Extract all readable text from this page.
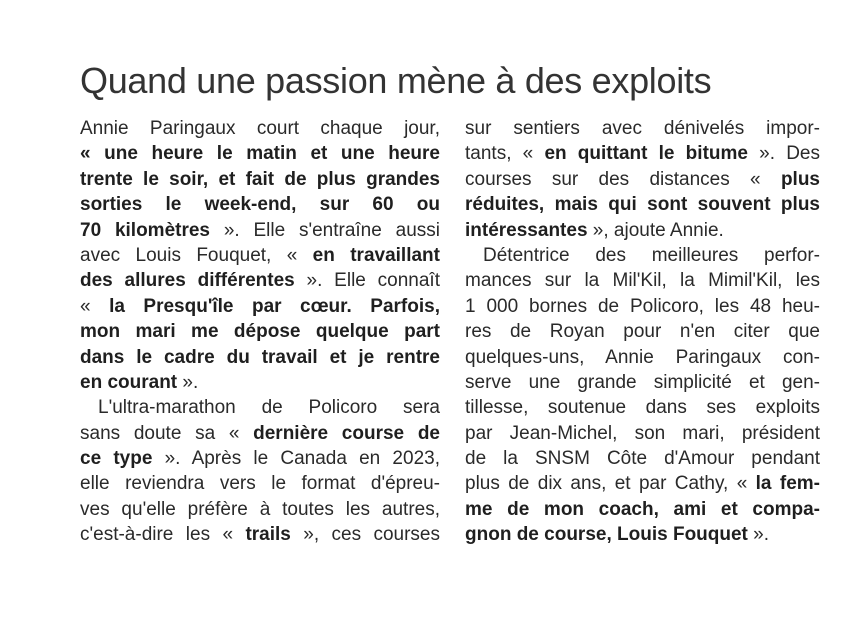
Quand une passion mène à des exploits
Annie Paringaux court chaque jour,
« une heure le matin et une heure
trente le soir, et fait de plus grandes
sorties le week-end, sur 60 ou
70 kilomètres ». Elle s'entraîne aussi
avec Louis Fouquet, « en travaillant
des allures différentes ». Elle connaît
« la Presqu'île par cœur. Parfois,
mon mari me dépose quelque part
dans le cadre du travail et je rentre
en courant ».
L'ultra-marathon de Policoro sera
sans doute sa « dernière course de
ce type ». Après le Canada en 2023,
elle reviendra vers le format d'épreu-
ves qu'elle préfère à toutes les autres,
c'est-à-dire les « trails », ces courses
sur sentiers avec dénivelés impor-
tants, « en quittant le bitume ». Des
courses sur des distances « plus
réduites, mais qui sont souvent plus
intéressantes », ajoute Annie.
Détentrice des meilleures perfor-
mances sur la Mil'Kil, la Mimil'Kil, les
1 000 bornes de Policoro, les 48 heu-
res de Royan pour n'en citer que
quelques-uns, Annie Paringaux con-
serve une grande simplicité et gen-
tillesse, soutenue dans ses exploits
par Jean-Michel, son mari, président
de la SNSM Côte d'Amour pendant
plus de dix ans, et par Cathy, « la fem-
me de mon coach, ami et compa-
gnon de course, Louis Fouquet ».
